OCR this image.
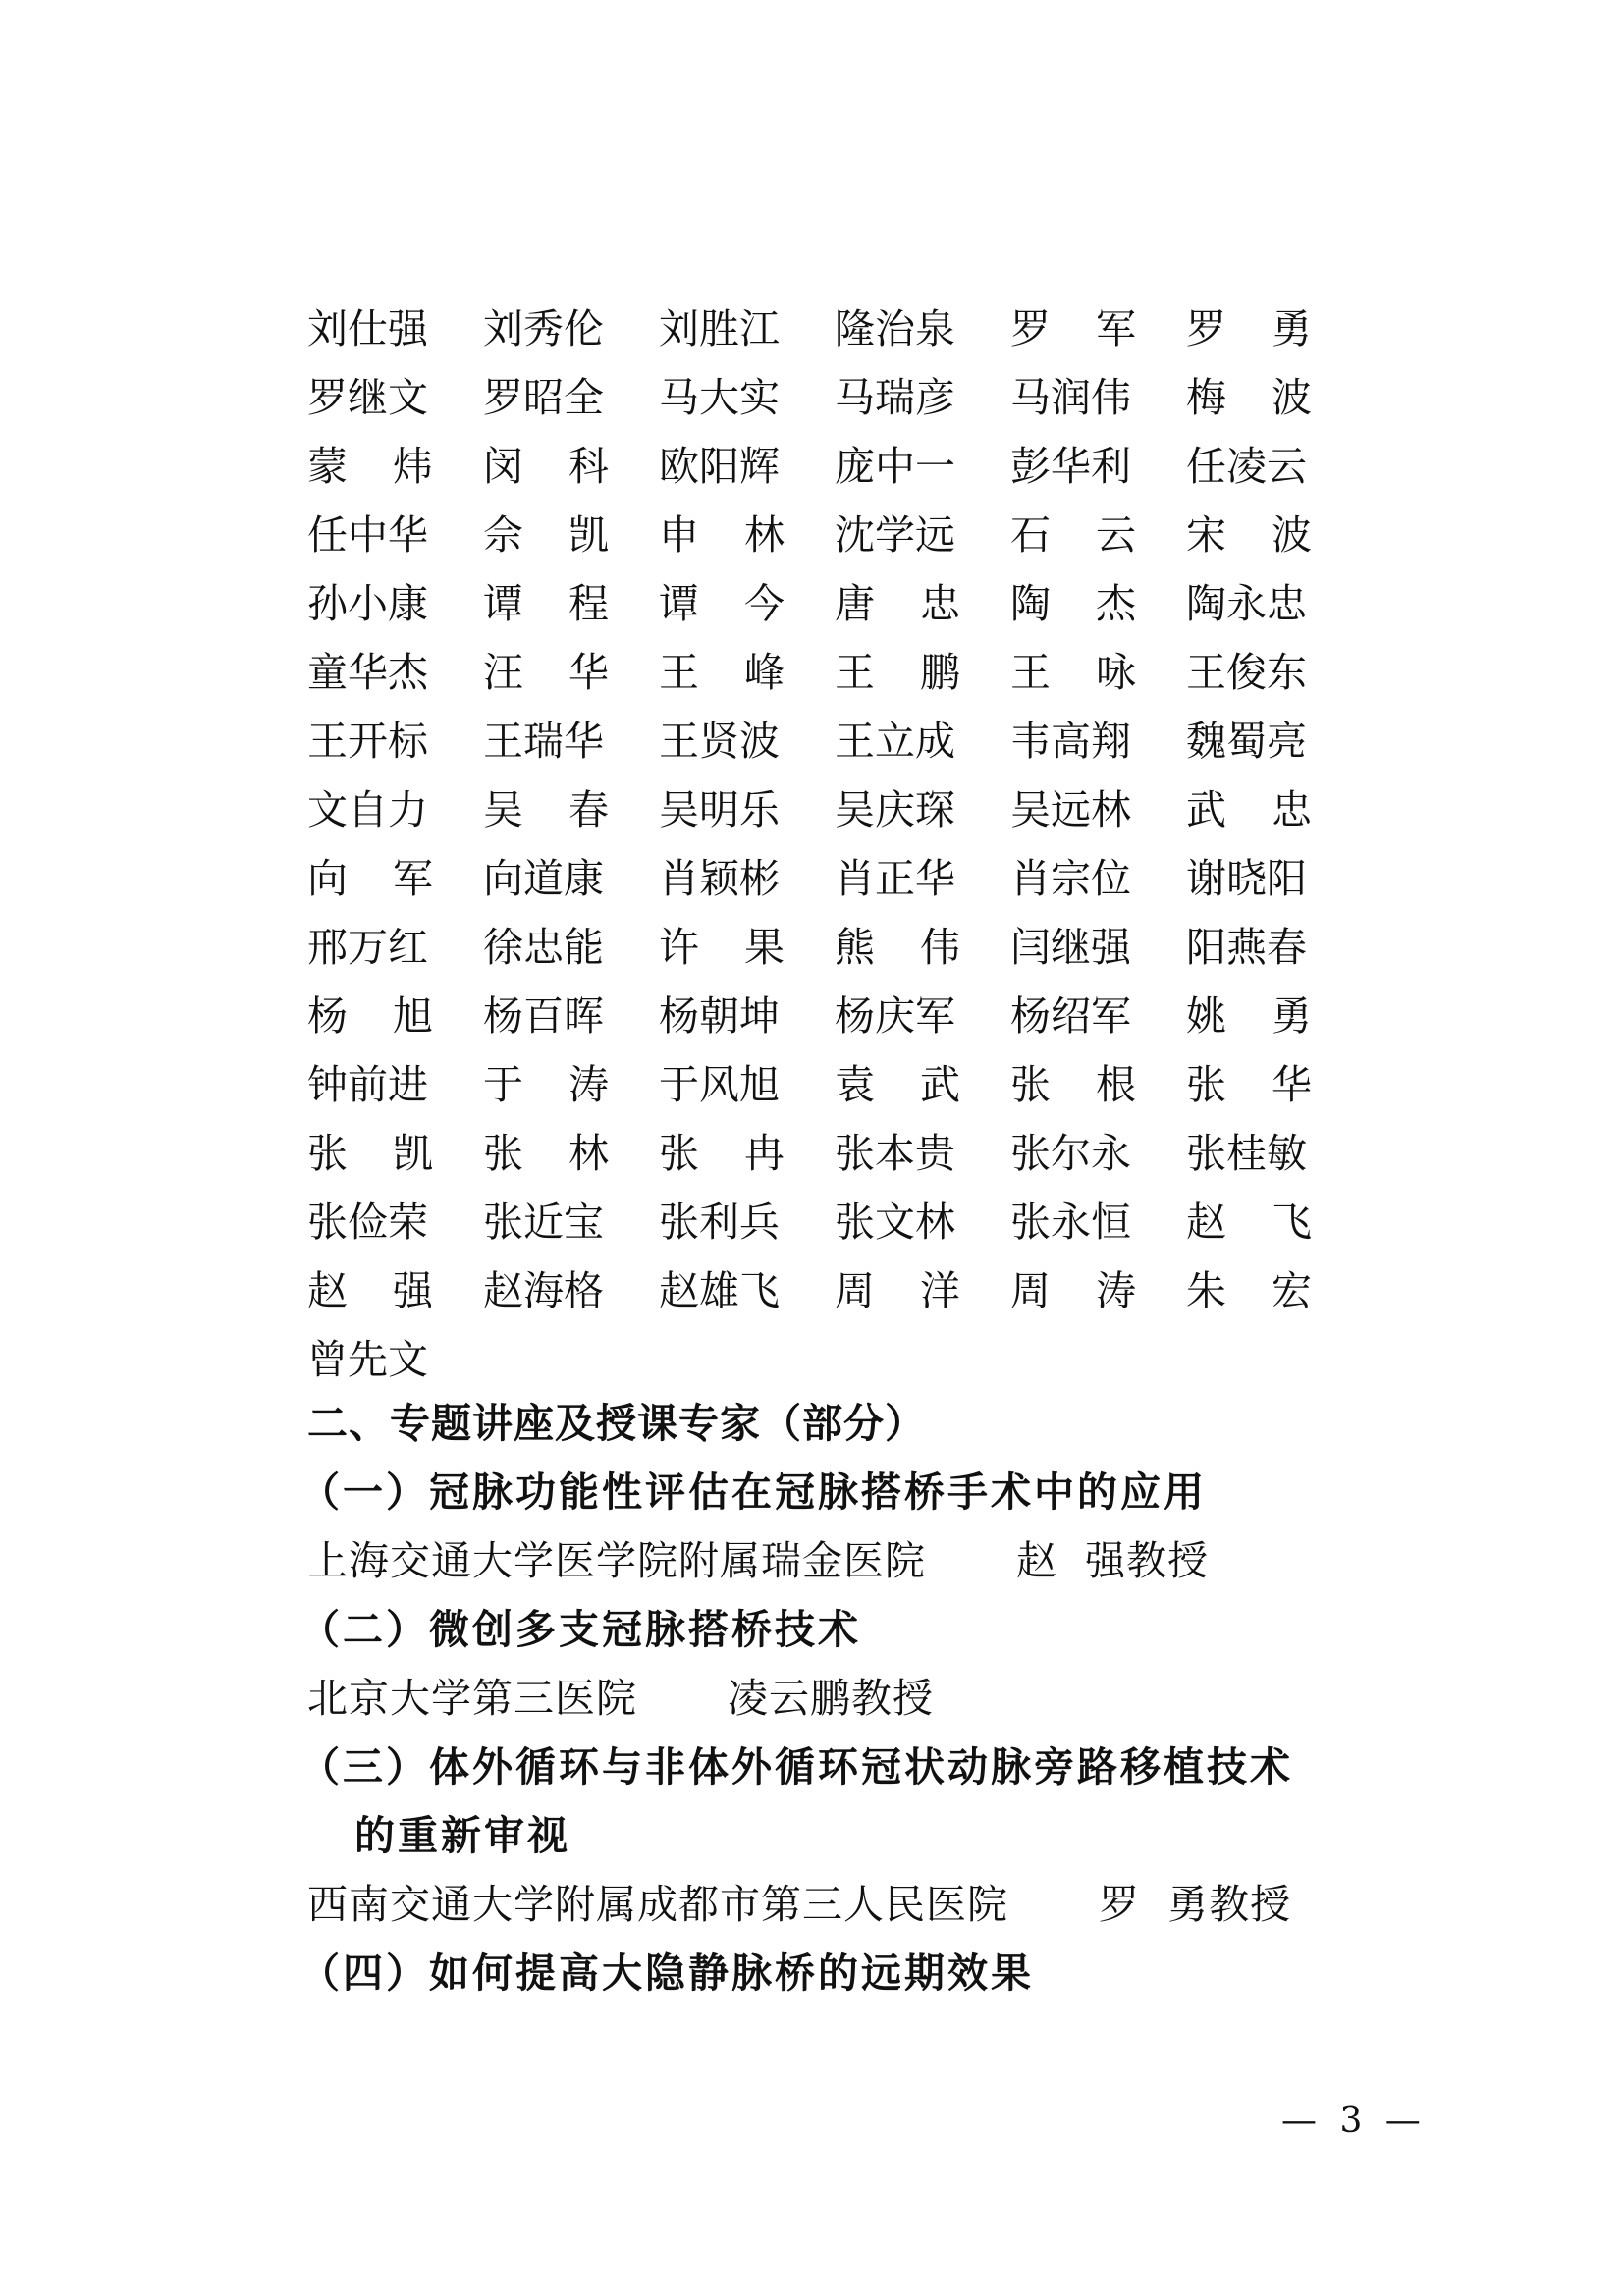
刘仕强 刘秀伦 刘胜江 隆治泉 罗 军 罗 勇
罗继文 罗昭全 马大实 马瑞彦 马润伟 梅 波
蒙 炜 闵 科 欧阳辉 庞中一 彭华利 任凌云
任中华 佘 凯 申 林 沈学远 石 云 宋 波
孙小康 谭 程 谭 今 唐 忠 陶 杰 陶永忠
童华杰 汪 华 王 峰 王 鹏 王 咏 王俊东
王开标 王瑞华 王贤波 王立成 韦高翔 魏蜀亮
文自力 吴 春 吴明乐 吴庆琛 吴远林 武 忠
向 军 向道康 肖颖彬 肖正华 肖宗位 谢晓阳
邢万红 徐忠能 许 果 熊 伟 闫继强 阳燕春
杨 旭 杨百晖 杨朝坤 杨庆军 杨绍军 姚 勇
钟前进 于 涛 于风旭 袁 武 张 根 张 华
张 凯 张 林 张 冉 张本贵 张尔永 张桂敏
张俭荣 张近宝 张利兵 张文林 张永恒 赵 飞
赵 强 赵海格 赵雄飞 周 洋 周 涛 朱 宏
曾先文
二、专题讲座及授课专家（部分）
（一）冠脉功能性评估在冠脉搭桥手术中的应用
上海交通大学医学院附属瑞金医院 赵  强教授
（二）微创多支冠脉搭桥技术
北京大学第三医院 凌云鹏教授
（三）体外循环与非体外循环冠状动脉旁路移植技术
的重新审视
西南交通大学附属成都市第三人民医院 罗  勇教授
（四）如何提高大隐静脉桥的远期效果
— 3 —
